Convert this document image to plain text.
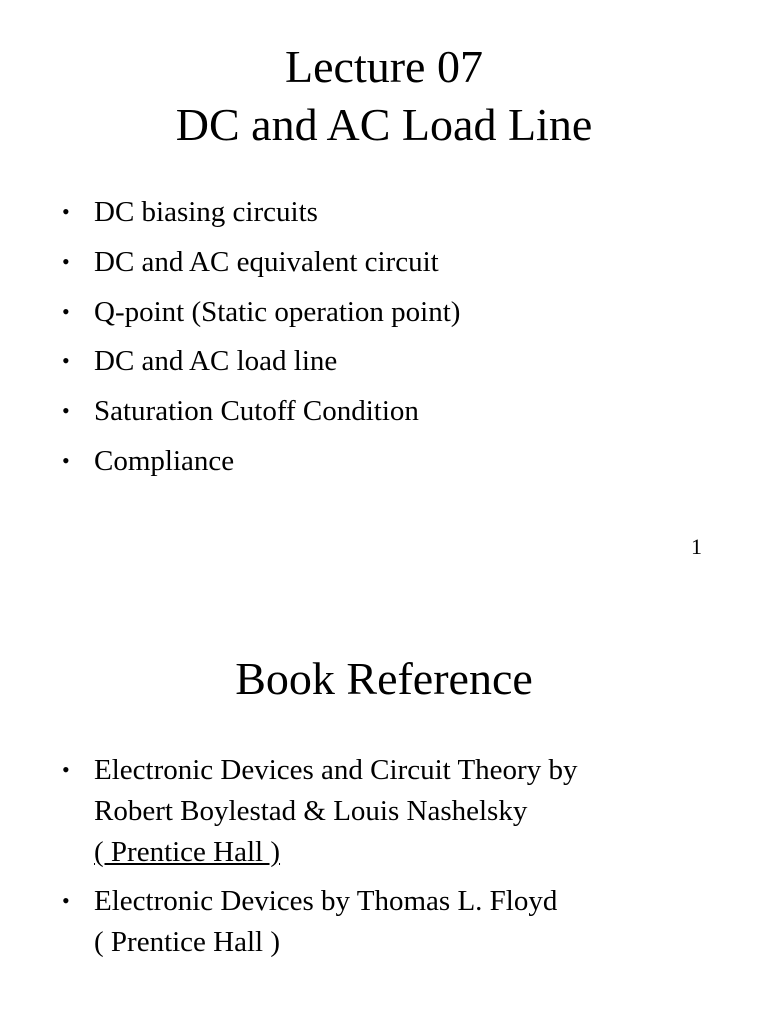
Lecture 07
DC and AC Load Line
• DC biasing circuits
• DC and AC equivalent circuit
• Q-point (Static operation point)
• DC and AC load line
• Saturation Cutoff Condition
• Compliance

1
Book Reference
• Electronic Devices and Circuit Theory by
Robert Boylestad & Louis Nashelsky
( Prentice Hall )
• Electronic Devices by Thomas L. Floyd
( Prentice Hall )
